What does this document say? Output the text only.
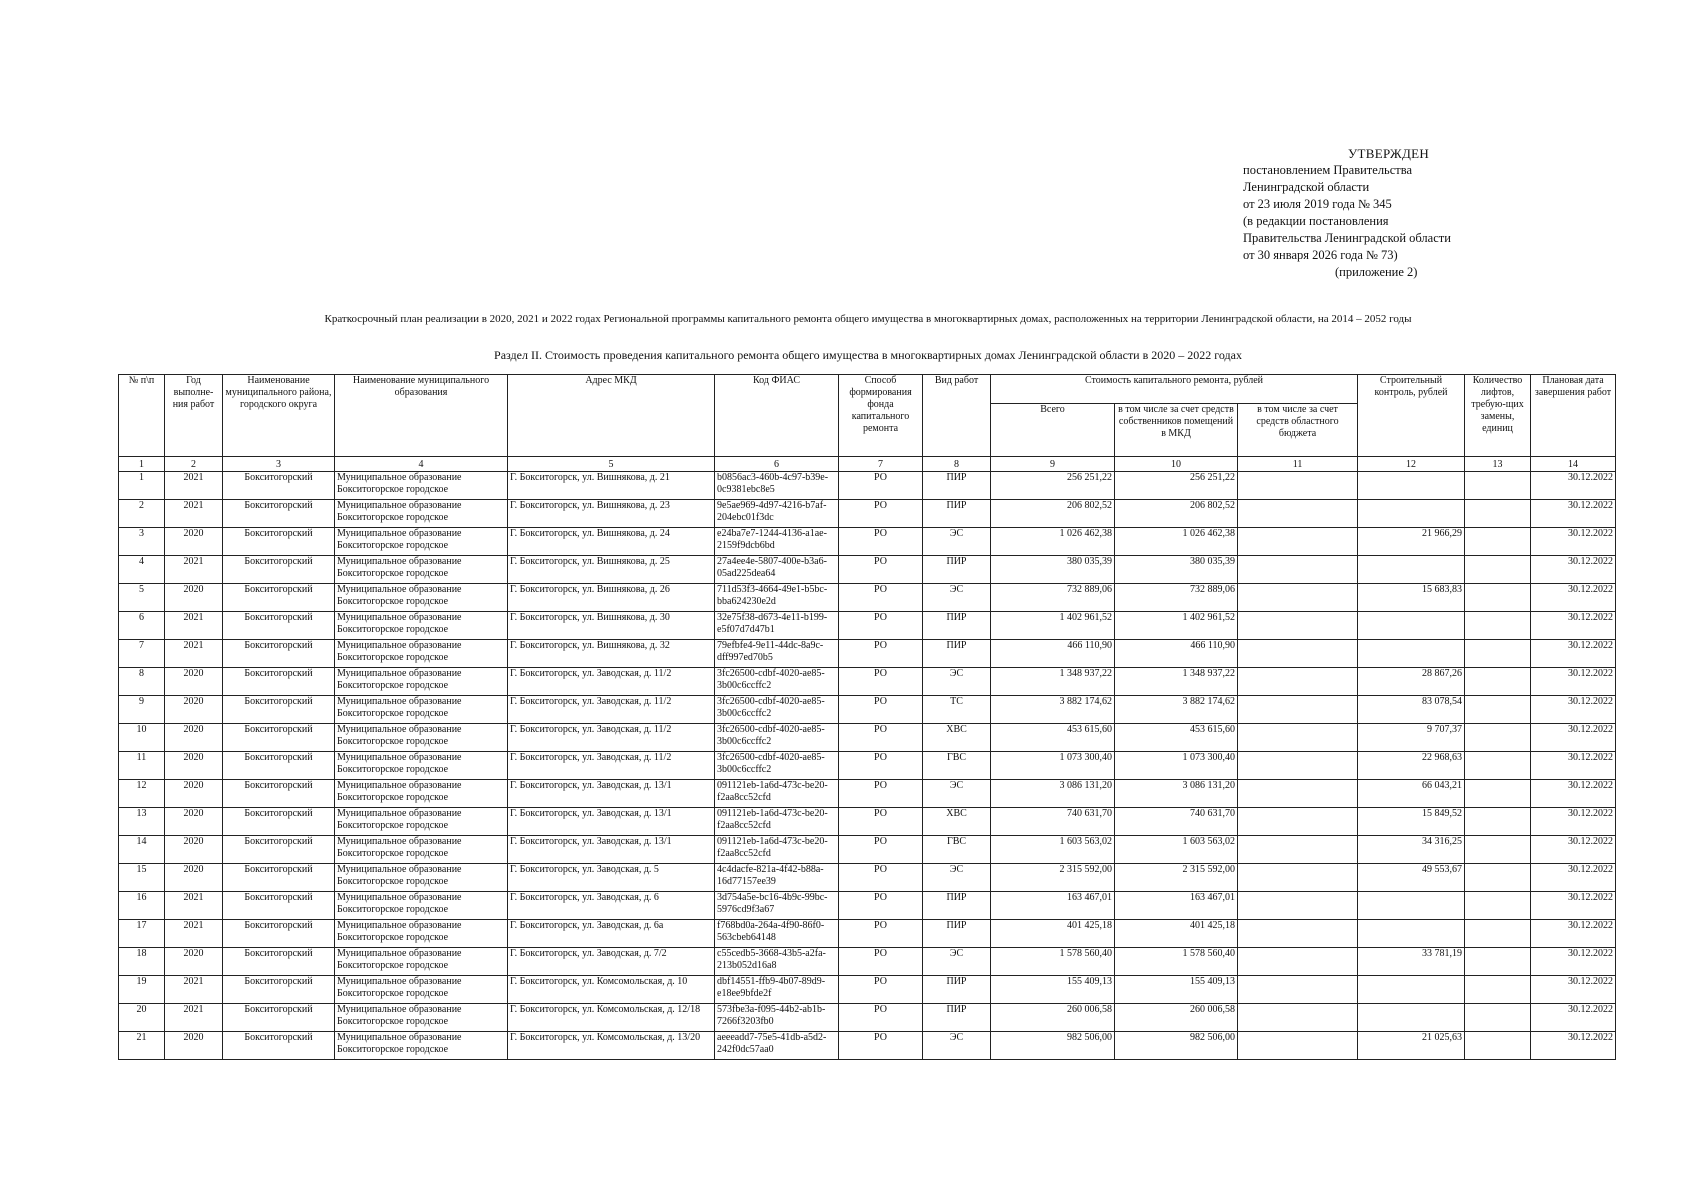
УТВЕРЖДЕН
постановлением Правительства
Ленинградской области
от 23 июля 2019 года № 345
(в редакции постановления
Правительства Ленинградской области
от 30 января 2026 года № 73)
(приложение 2)
Краткосрочный план реализации в 2020, 2021 и 2022 годах Региональной программы капитального ремонта общего имущества в многоквартирных домах, расположенных на территории Ленинградской области, на 2014 – 2052 годы
Раздел II. Стоимость проведения капитального ремонта общего имущества в многоквартирных домах Ленинградской области в 2020 – 2022 годах
№ п\п	Год выполне-ния работ	Наименование муниципального района, городского округа	Наименование муниципального образования	Адрес МКД	Код ФИАС	Способ формирования фонда капитального ремонта	Вид работ	Стоимость капитального ремонта, рублей			Строительный контроль, рублей	Количество лифтов, требую-щих замены, единиц	Плановая дата завершения работ
								Всего	в том числе за счет средств собственников помещений в МКД	в том числе за счет средств областного бюджета			
1	2	3	4	5	6	7	8	9	10	11	12	13	14
1	2021	Бокситогорский	Муниципальное образование Бокситогорское городское	Г. Бокситогорск, ул. Вишнякова, д. 21	b0856ac3-460b-4c97-b39e-0c9381ebc8e5	РО	ПИР	256 251,22	256 251,22				30.12.2022
2	2021	Бокситогорский	Муниципальное образование Бокситогорское городское	Г. Бокситогорск, ул. Вишнякова, д. 23	9e5ae969-4d97-4216-b7af-204ebc01f3dc	РО	ПИР	206 802,52	206 802,52				30.12.2022
3	2020	Бокситогорский	Муниципальное образование Бокситогорское городское	Г. Бокситогорск, ул. Вишнякова, д. 24	e24ba7e7-1244-4136-a1ae-2159f9dcb6bd	РО	ЭС	1 026 462,38	1 026 462,38		21 966,29		30.12.2022
4	2021	Бокситогорский	Муниципальное образование Бокситогорское городское	Г. Бокситогорск, ул. Вишнякова, д. 25	27a4ee4e-5807-400e-b3a6-05ad225dea64	РО	ПИР	380 035,39	380 035,39				30.12.2022
5	2020	Бокситогорский	Муниципальное образование Бокситогорское городское	Г. Бокситогорск, ул. Вишнякова, д. 26	711d53f3-4664-49e1-b5bc-bba624230e2d	РО	ЭС	732 889,06	732 889,06		15 683,83		30.12.2022
6	2021	Бокситогорский	Муниципальное образование Бокситогорское городское	Г. Бокситогорск, ул. Вишнякова, д. 30	32e75f38-d673-4e11-b199-e5f07d7d47b1	РО	ПИР	1 402 961,52	1 402 961,52				30.12.2022
7	2021	Бокситогорский	Муниципальное образование Бокситогорское городское	Г. Бокситогорск, ул. Вишнякова, д. 32	79efbfe4-9e11-44dc-8a9c-dff997ed70b5	РО	ПИР	466 110,90	466 110,90				30.12.2022
8	2020	Бокситогорский	Муниципальное образование Бокситогорское городское	Г. Бокситогорск, ул. Заводская, д. 11/2	3fc26500-cdbf-4020-ae85-3b00c6ccffc2	РО	ЭС	1 348 937,22	1 348 937,22		28 867,26		30.12.2022
9	2020	Бокситогорский	Муниципальное образование Бокситогорское городское	Г. Бокситогорск, ул. Заводская, д. 11/2	3fc26500-cdbf-4020-ae85-3b00c6ccffc2	РО	ТС	3 882 174,62	3 882 174,62		83 078,54		30.12.2022
10	2020	Бокситогорский	Муниципальное образование Бокситогорское городское	Г. Бокситогорск, ул. Заводская, д. 11/2	3fc26500-cdbf-4020-ae85-3b00c6ccffc2	РО	ХВС	453 615,60	453 615,60		9 707,37		30.12.2022
11	2020	Бокситогорский	Муниципальное образование Бокситогорское городское	Г. Бокситогорск, ул. Заводская, д. 11/2	3fc26500-cdbf-4020-ae85-3b00c6ccffc2	РО	ГВС	1 073 300,40	1 073 300,40		22 968,63		30.12.2022
12	2020	Бокситогорский	Муниципальное образование Бокситогорское городское	Г. Бокситогорск, ул. Заводская, д. 13/1	091121eb-1a6d-473c-be20-f2aa8cc52cfd	РО	ЭС	3 086 131,20	3 086 131,20		66 043,21		30.12.2022
13	2020	Бокситогорский	Муниципальное образование Бокситогорское городское	Г. Бокситогорск, ул. Заводская, д. 13/1	091121eb-1a6d-473c-be20-f2aa8cc52cfd	РО	ХВС	740 631,70	740 631,70		15 849,52		30.12.2022
14	2020	Бокситогорский	Муниципальное образование Бокситогорское городское	Г. Бокситогорск, ул. Заводская, д. 13/1	091121eb-1a6d-473c-be20-f2aa8cc52cfd	РО	ГВС	1 603 563,02	1 603 563,02		34 316,25		30.12.2022
15	2020	Бокситогорский	Муниципальное образование Бокситогорское городское	Г. Бокситогорск, ул. Заводская, д. 5	4c4dacfe-821a-4f42-b88a-16d77157ee39	РО	ЭС	2 315 592,00	2 315 592,00		49 553,67		30.12.2022
16	2021	Бокситогорский	Муниципальное образование Бокситогорское городское	Г. Бокситогорск, ул. Заводская, д. 6	3d754a5e-bc16-4b9c-99bc-5976cd9f3a67	РО	ПИР	163 467,01	163 467,01				30.12.2022
17	2021	Бокситогорский	Муниципальное образование Бокситогорское городское	Г. Бокситогорск, ул. Заводская, д. 6а	f768bd0a-264a-4f90-86f0-563cbeb64148	РО	ПИР	401 425,18	401 425,18				30.12.2022
18	2020	Бокситогорский	Муниципальное образование Бокситогорское городское	Г. Бокситогорск, ул. Заводская, д. 7/2	c55cedb5-3668-43b5-a2fa-213b052d16a8	РО	ЭС	1 578 560,40	1 578 560,40		33 781,19		30.12.2022
19	2021	Бокситогорский	Муниципальное образование Бокситогорское городское	Г. Бокситогорск, ул. Комсомольская, д. 10	dbf14551-ffb9-4b07-89d9-e18ee9bfde2f	РО	ПИР	155 409,13	155 409,13				30.12.2022
20	2021	Бокситогорский	Муниципальное образование Бокситогорское городское	Г. Бокситогорск, ул. Комсомольская, д. 12/18	573fbe3a-f095-44b2-ab1b-7266f3203fb0	РО	ПИР	260 006,58	260 006,58				30.12.2022
21	2020	Бокситогорский	Муниципальное образование Бокситогорское городское	Г. Бокситогорск, ул. Комсомольская, д. 13/20	aeeeadd7-75e5-41db-a5d2-242f0dc57aa0	РО	ЭС	982 506,00	982 506,00		21 025,63		30.12.2022
